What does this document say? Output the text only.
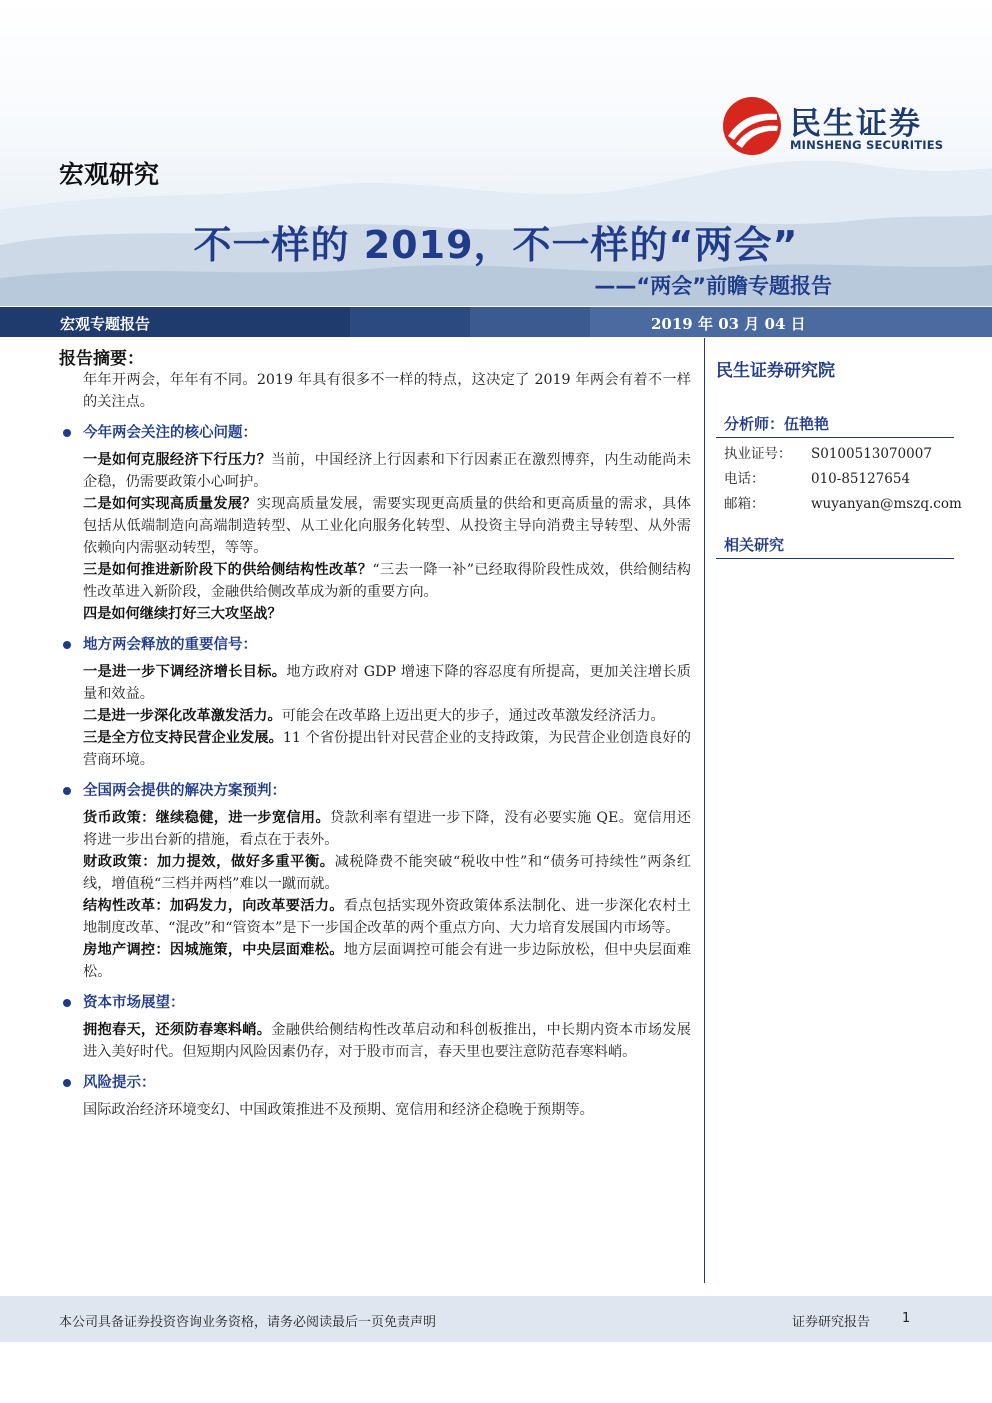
民生证券
MINSHENG SECURITIES
宏观研究
不一样的 2019，不一样的“两会”
——“两会”前瞻专题报告
宏观专题报告	2019 年 03 月 04 日
报告摘要：

年年开两会，年年有不同。2019 年具有很多不一样的特点，这决定了 2019 年两会有着不一样的关注点。

今年两会关注的核心问题：

一是如何克服经济下行压力？当前，中国经济上行因素和下行因素正在激烈博弈，内生动能尚未企稳，仍需要政策小心呵护。

二是如何实现高质量发展？实现高质量发展，需要实现更高质量的供给和更高质量的需求，具体包括从低端制造向高端制造转型、从工业化向服务化转型、从投资主导向消费主导转型、从外需依赖向内需驱动转型，等等。

三是如何推进新阶段下的供给侧结构性改革？“三去一降一补”已经取得阶段性成效，供给侧结构性改革进入新阶段，金融供给侧改革成为新的重要方向。

四是如何继续打好三大攻坚战？

地方两会释放的重要信号：

一是进一步下调经济增长目标。地方政府对 GDP 增速下降的容忍度有所提高，更加关注增长质量和效益。

二是进一步深化改革激发活力。可能会在改革路上迈出更大的步子，通过改革激发经济活力。

三是全方位支持民营企业发展。11 个省份提出针对民营企业的支持政策，为民营企业创造良好的营商环境。

全国两会提供的解决方案预判：

货币政策：继续稳健，进一步宽信用。贷款利率有望进一步下降，没有必要实施 QE。宽信用还将进一步出台新的措施，看点在于表外。

财政政策：加力提效，做好多重平衡。减税降费不能突破“税收中性”和“债务可持续性”两条红线，增值税“三档并两档”难以一蹴而就。

结构性改革：加码发力，向改革要活力。看点包括实现外资政策体系法制化、进一步深化农村土地制度改革、“混改”和“管资本”是下一步国企改革的两个重点方向、大力培育发展国内市场等。

房地产调控：因城施策，中央层面难松。地方层面调控可能会有进一步边际放松，但中央层面难松。

资本市场展望：

拥抱春天，还须防春寒料峭。金融供给侧结构性改革启动和科创板推出，中长期内资本市场发展进入美好时代。但短期内风险因素仍存，对于股市而言，春天里也要注意防范春寒料峭。

风险提示：

国际政治经济环境变幻、中国政策推进不及预期、宽信用和经济企稳晚于预期等。

民生证券研究院
分析师：伍艳艳
执业证号： S0100513070007
电话：	010-85127654
邮箱：	wuyanyan@mszq.com
相关研究
本公司具备证券投资咨询业务资格，请务必阅读最后一页免责声明	证券研究报告 1
